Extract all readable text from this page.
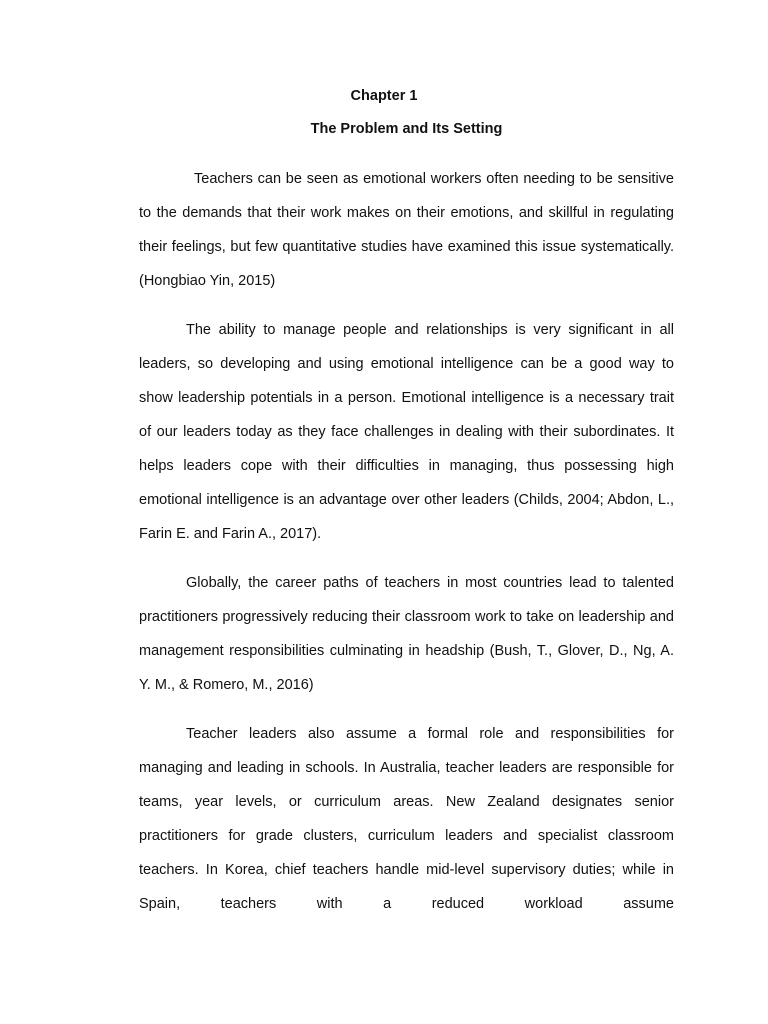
Chapter 1
The Problem and Its Setting

Teachers can be seen as emotional workers often needing to be sensitive to the demands that their work makes on their emotions, and skillful in regulating their feelings, but few quantitative studies have examined this issue systematically. (Hongbiao Yin, 2015)

The ability to manage people and relationships is very significant in all leaders, so developing and using emotional intelligence can be a good way to show leadership potentials in a person. Emotional intelligence is a necessary trait of our leaders today as they face challenges in dealing with their subordinates. It helps leaders cope with their difficulties in managing, thus possessing high emotional intelligence is an advantage over other leaders (Childs, 2004; Abdon, L., Farin E. and Farin A., 2017).

Globally, the career paths of teachers in most countries lead to talented practitioners progressively reducing their classroom work to take on leadership and management responsibilities culminating in headship (Bush, T., Glover, D., Ng, A. Y. M., & Romero, M., 2016)

Teacher leaders also assume a formal role and responsibilities for managing and leading in schools. In Australia, teacher leaders are responsible for teams, year levels, or curriculum areas. New Zealand designates senior practitioners for grade clusters, curriculum leaders and specialist classroom teachers. In Korea, chief teachers handle mid-level supervisory duties; while in Spain, teachers with a reduced workload assume
